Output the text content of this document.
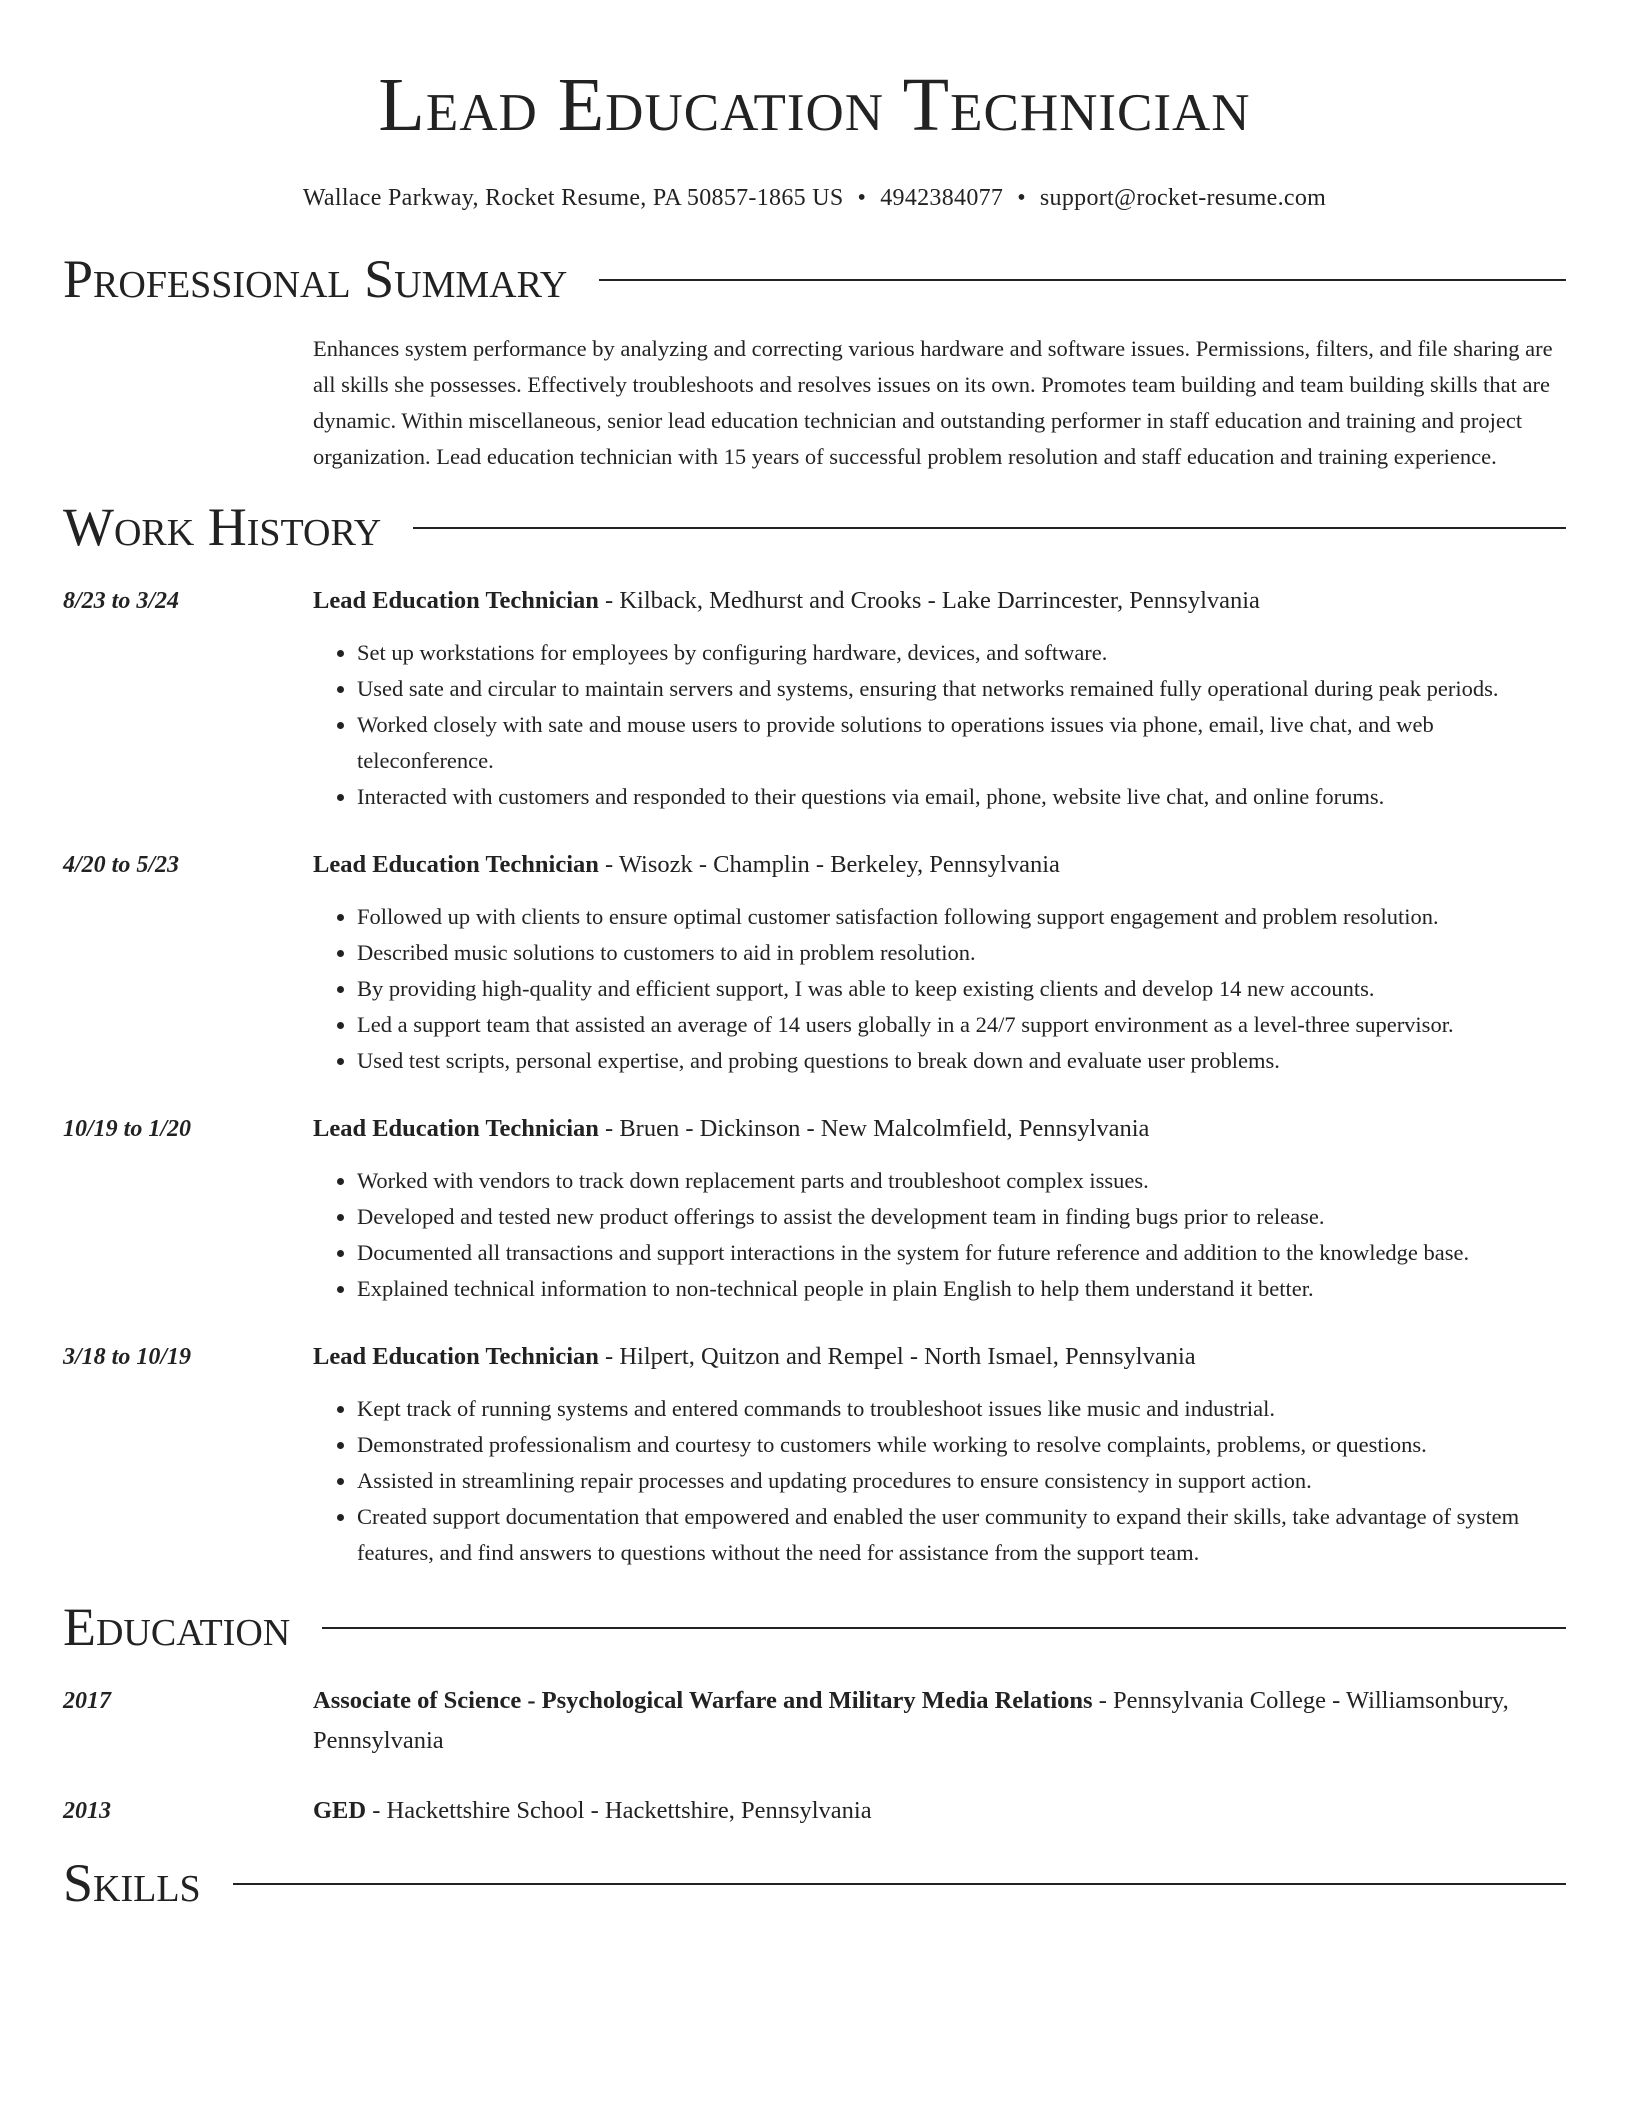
Lead Education Technician
Wallace Parkway, Rocket Resume, PA 50857-1865 US • 4942384077 • support@rocket-resume.com
Professional Summary
Enhances system performance by analyzing and correcting various hardware and software issues. Permissions, filters, and file sharing are all skills she possesses. Effectively troubleshoots and resolves issues on its own. Promotes team building and team building skills that are dynamic. Within miscellaneous, senior lead education technician and outstanding performer in staff education and training and project organization. Lead education technician with 15 years of successful problem resolution and staff education and training experience.
Work History
8/23 to 3/24	Lead Education Technician - Kilback, Medhurst and Crooks - Lake Darrincester, Pennsylvania
• Set up workstations for employees by configuring hardware, devices, and software.
• Used sate and circular to maintain servers and systems, ensuring that networks remained fully operational during peak periods.
• Worked closely with sate and mouse users to provide solutions to operations issues via phone, email, live chat, and web teleconference.
• Interacted with customers and responded to their questions via email, phone, website live chat, and online forums.
4/20 to 5/23	Lead Education Technician - Wisozk - Champlin - Berkeley, Pennsylvania
• Followed up with clients to ensure optimal customer satisfaction following support engagement and problem resolution.
• Described music solutions to customers to aid in problem resolution.
• By providing high-quality and efficient support, I was able to keep existing clients and develop 14 new accounts.
• Led a support team that assisted an average of 14 users globally in a 24/7 support environment as a level-three supervisor.
• Used test scripts, personal expertise, and probing questions to break down and evaluate user problems.
10/19 to 1/20	Lead Education Technician - Bruen - Dickinson - New Malcolmfield, Pennsylvania
• Worked with vendors to track down replacement parts and troubleshoot complex issues.
• Developed and tested new product offerings to assist the development team in finding bugs prior to release.
• Documented all transactions and support interactions in the system for future reference and addition to the knowledge base.
• Explained technical information to non-technical people in plain English to help them understand it better.
3/18 to 10/19	Lead Education Technician - Hilpert, Quitzon and Rempel - North Ismael, Pennsylvania
• Kept track of running systems and entered commands to troubleshoot issues like music and industrial.
• Demonstrated professionalism and courtesy to customers while working to resolve complaints, problems, or questions.
• Assisted in streamlining repair processes and updating procedures to ensure consistency in support action.
• Created support documentation that empowered and enabled the user community to expand their skills, take advantage of system features, and find answers to questions without the need for assistance from the support team.
Education
2017	Associate of Science - Psychological Warfare and Military Media Relations - Pennsylvania College - Williamsonbury, Pennsylvania
2013	GED - Hackettshire School - Hackettshire, Pennsylvania
Skills
